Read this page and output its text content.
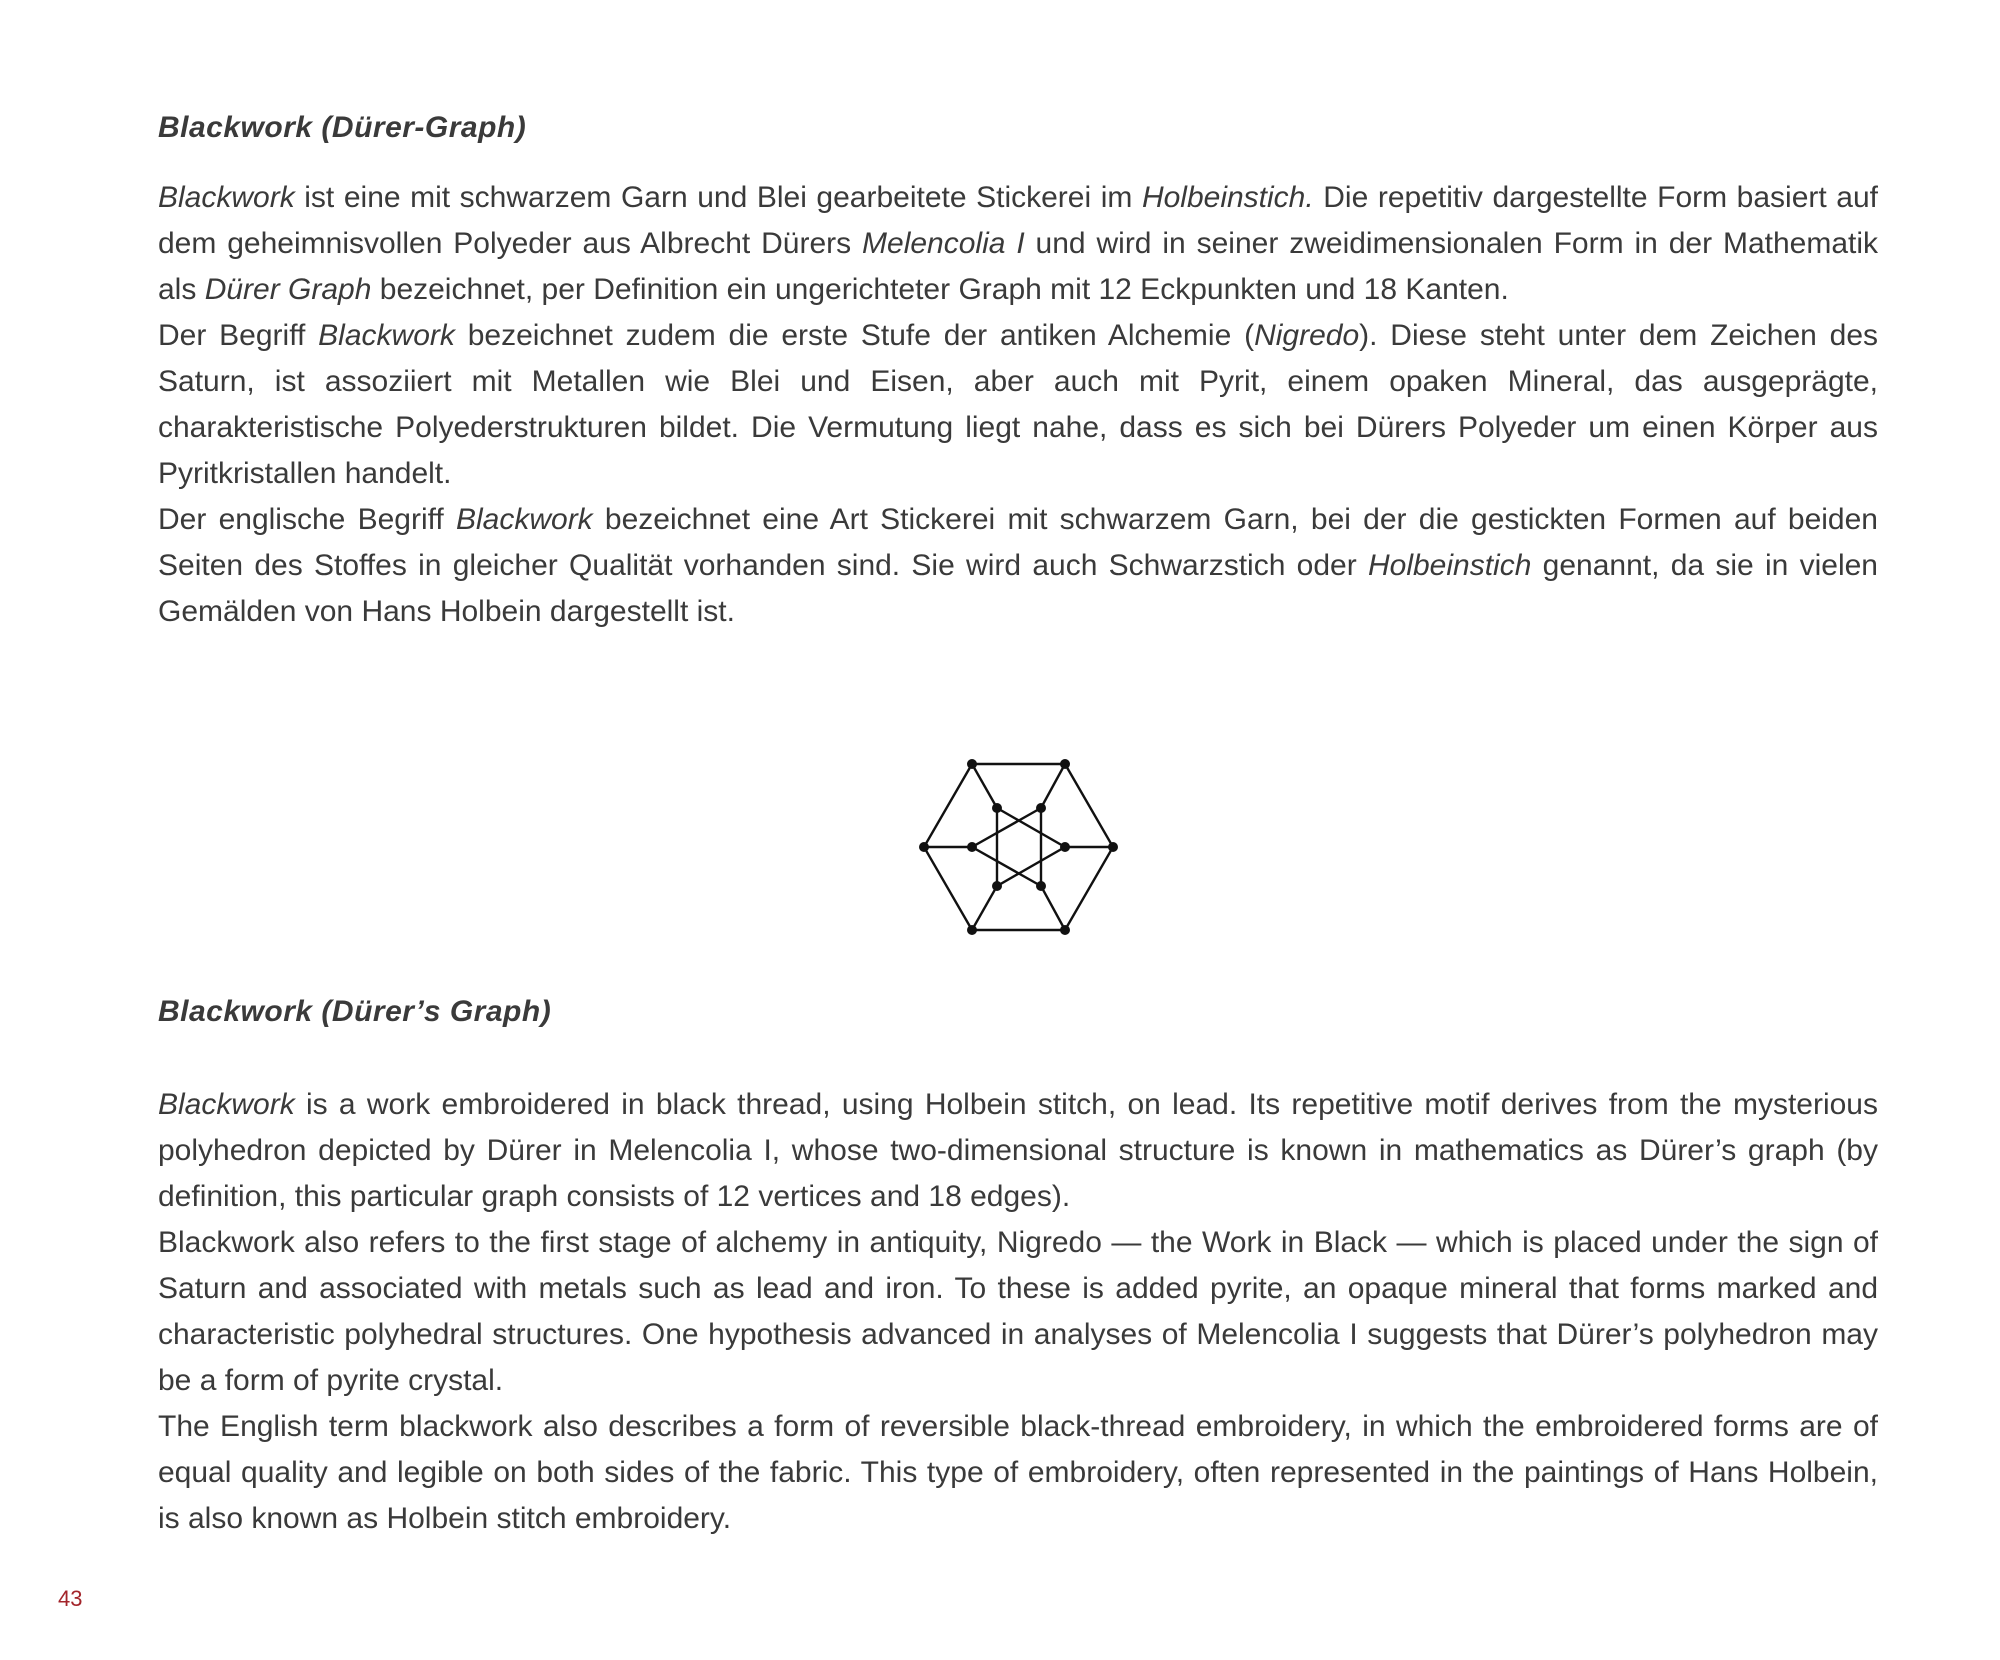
Blackwork (Dürer-Graph)

Blackwork ist eine mit schwarzem Garn und Blei gearbeitete Stickerei im Holbeinstich. Die repetitiv dargestellte Form basiert auf dem geheimnisvollen Polyeder aus Albrecht Dürers Melencolia I und wird in seiner zweidimensionalen Form in der Mathematik als Dürer Graph bezeichnet, per Definition ein ungerichteter Graph mit 12 Eckpunkten und 18 Kanten.

Der Begriff Blackwork bezeichnet zudem die erste Stufe der antiken Alchemie (Nigredo). Diese steht unter dem Zeichen des Saturn, ist assoziiert mit Metallen wie Blei und Eisen, aber auch mit Pyrit, einem opaken Mineral, das ausgeprägte, charakteristische Polyederstrukturen bildet. Die Vermutung liegt nahe, dass es sich bei Dürers Polyeder um einen Körper aus Pyritkristallen handelt.

Der englische Begriff Blackwork bezeichnet eine Art Stickerei mit schwarzem Garn, bei der die gestickten Formen auf beiden Seiten des Stoffes in gleicher Qualität vorhanden sind. Sie wird auch Schwarzstich oder Holbeinstich genannt, da sie in vielen Gemälden von Hans Holbein dargestellt ist.

Blackwork (Dürer’s Graph)

Blackwork is a work embroidered in black thread, using Holbein stitch, on lead. Its repetitive motif derives from the mysterious polyhedron depicted by Dürer in Melencolia I, whose two-dimensional structure is known in mathematics as Dürer’s graph (by definition, this particular graph consists of 12 vertices and 18 edges).

Blackwork also refers to the first stage of alchemy in antiquity, Nigredo — the Work in Black — which is placed under the sign of Saturn and associated with metals such as lead and iron. To these is added pyrite, an opaque mineral that forms marked and characteristic polyhedral structures. One hypothesis advanced in analyses of Melencolia I suggests that Dürer’s polyhedron may be a form of pyrite crystal.

The English term blackwork also describes a form of reversible black-thread embroidery, in which the embroidered forms are of equal quality and legible on both sides of the fabric. This type of embroidery, often represented in the paintings of Hans Holbein, is also known as Holbein stitch embroidery.

43
